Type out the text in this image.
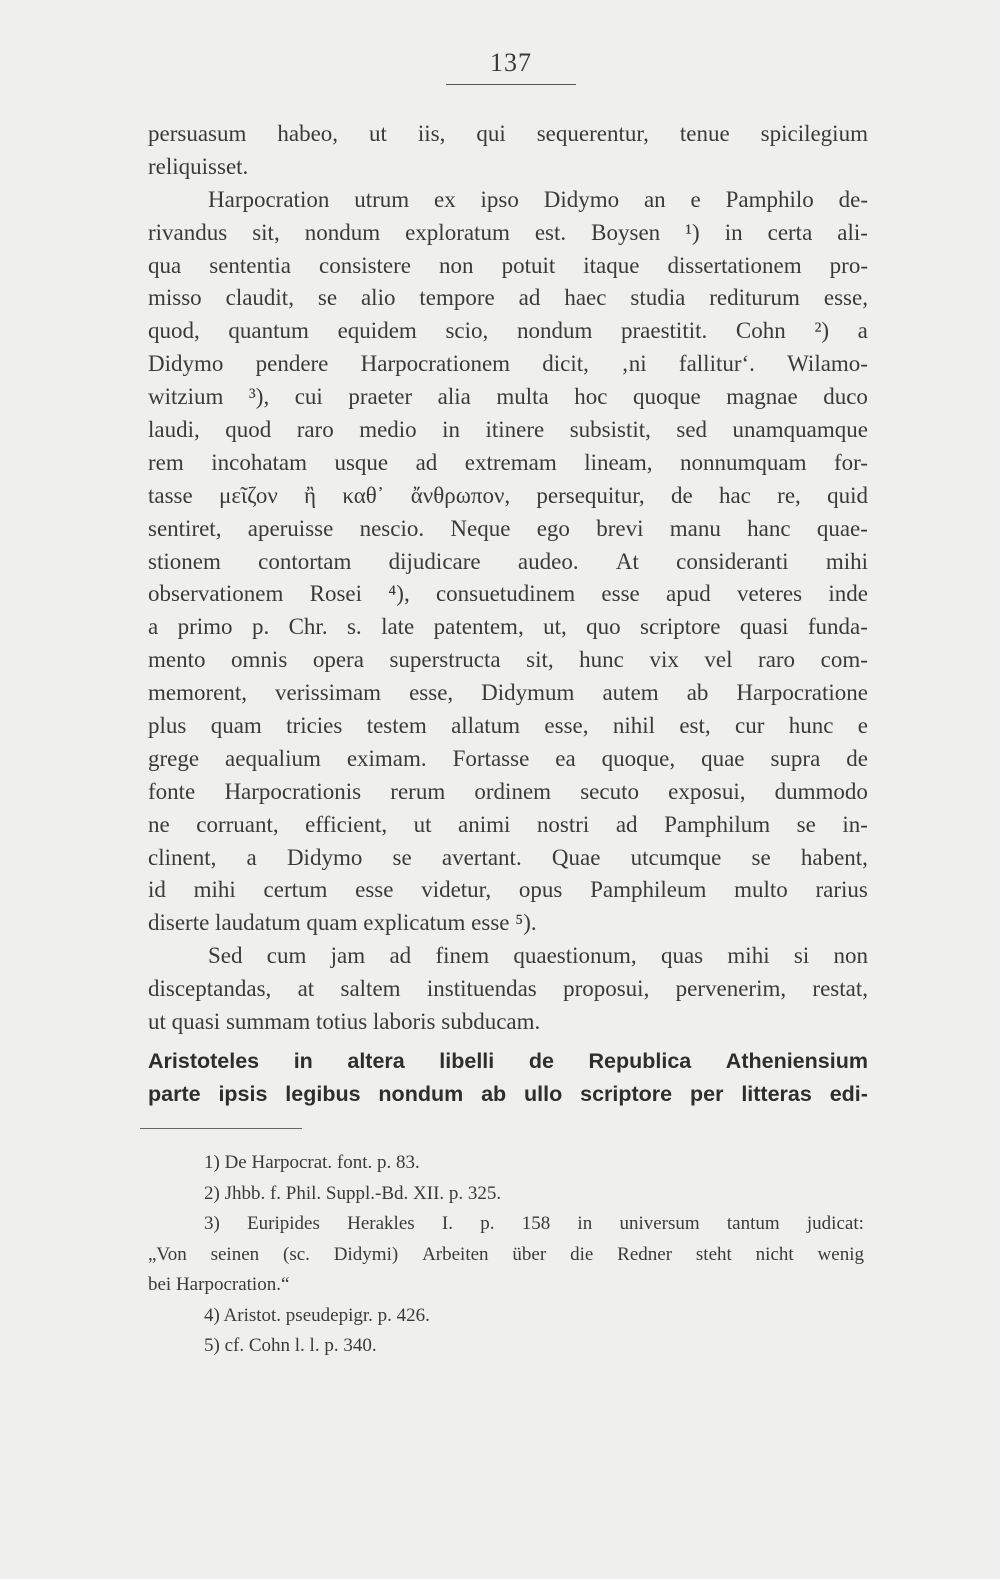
137
persuasum habeo, ut iis, qui sequerentur, tenue spicilegium
reliquisset.
Harpocration utrum ex ipso Didymo an e Pamphilo de-
rivandus sit, nondum exploratum est. Boysen ¹) in certa ali-
qua sententia consistere non potuit itaque dissertationem pro-
misso claudit, se alio tempore ad haec studia rediturum esse,
quod, quantum equidem scio, nondum praestitit. Cohn ²) a
Didymo pendere Harpocrationem dicit, ‚ni fallitur‘. Wilamo-
witzium ³), cui praeter alia multa hoc quoque magnae duco
laudi, quod raro medio in itinere subsistit, sed unamquamque
rem incohatam usque ad extremam lineam, nonnumquam for-
tasse μεῖζον ἢ καθ᾽ ἄνθρωπον, persequitur, de hac re, quid
sentiret, aperuisse nescio. Neque ego brevi manu hanc quae-
stionem contortam dijudicare audeo. At consideranti mihi
observationem Rosei ⁴), consuetudinem esse apud veteres inde
a primo p. Chr. s. late patentem, ut, quo scriptore quasi funda-
mento omnis opera superstructa sit, hunc vix vel raro com-
memorent, verissimam esse, Didymum autem ab Harpocratione
plus quam tricies testem allatum esse, nihil est, cur hunc e
grege aequalium eximam. Fortasse ea quoque, quae supra de
fonte Harpocrationis rerum ordinem secuto exposui, dummodo
ne corruant, efficient, ut animi nostri ad Pamphilum se in-
clinent, a Didymo se avertant. Quae utcumque se habent,
id mihi certum esse videtur, opus Pamphileum multo rarius
diserte laudatum quam explicatum esse ⁵).
Sed cum jam ad finem quaestionum, quas mihi si non
disceptandas, at saltem instituendas proposui, pervenerim, restat,
ut quasi summam totius laboris subducam.
Aristoteles in altera libelli de Republica Atheniensium
parte ipsis legibus nondum ab ullo scriptore per litteras edi-
1) De Harpocrat. font. p. 83.
2) Jhbb. f. Phil. Suppl.-Bd. XII. p. 325.
3) Euripides Herakles I. p. 158 in universum tantum judicat:
„Von seinen (sc. Didymi) Arbeiten über die Redner steht nicht wenig
bei Harpocration.“
4) Aristot. pseudepigr. p. 426.
5) cf. Cohn l. l. p. 340.
